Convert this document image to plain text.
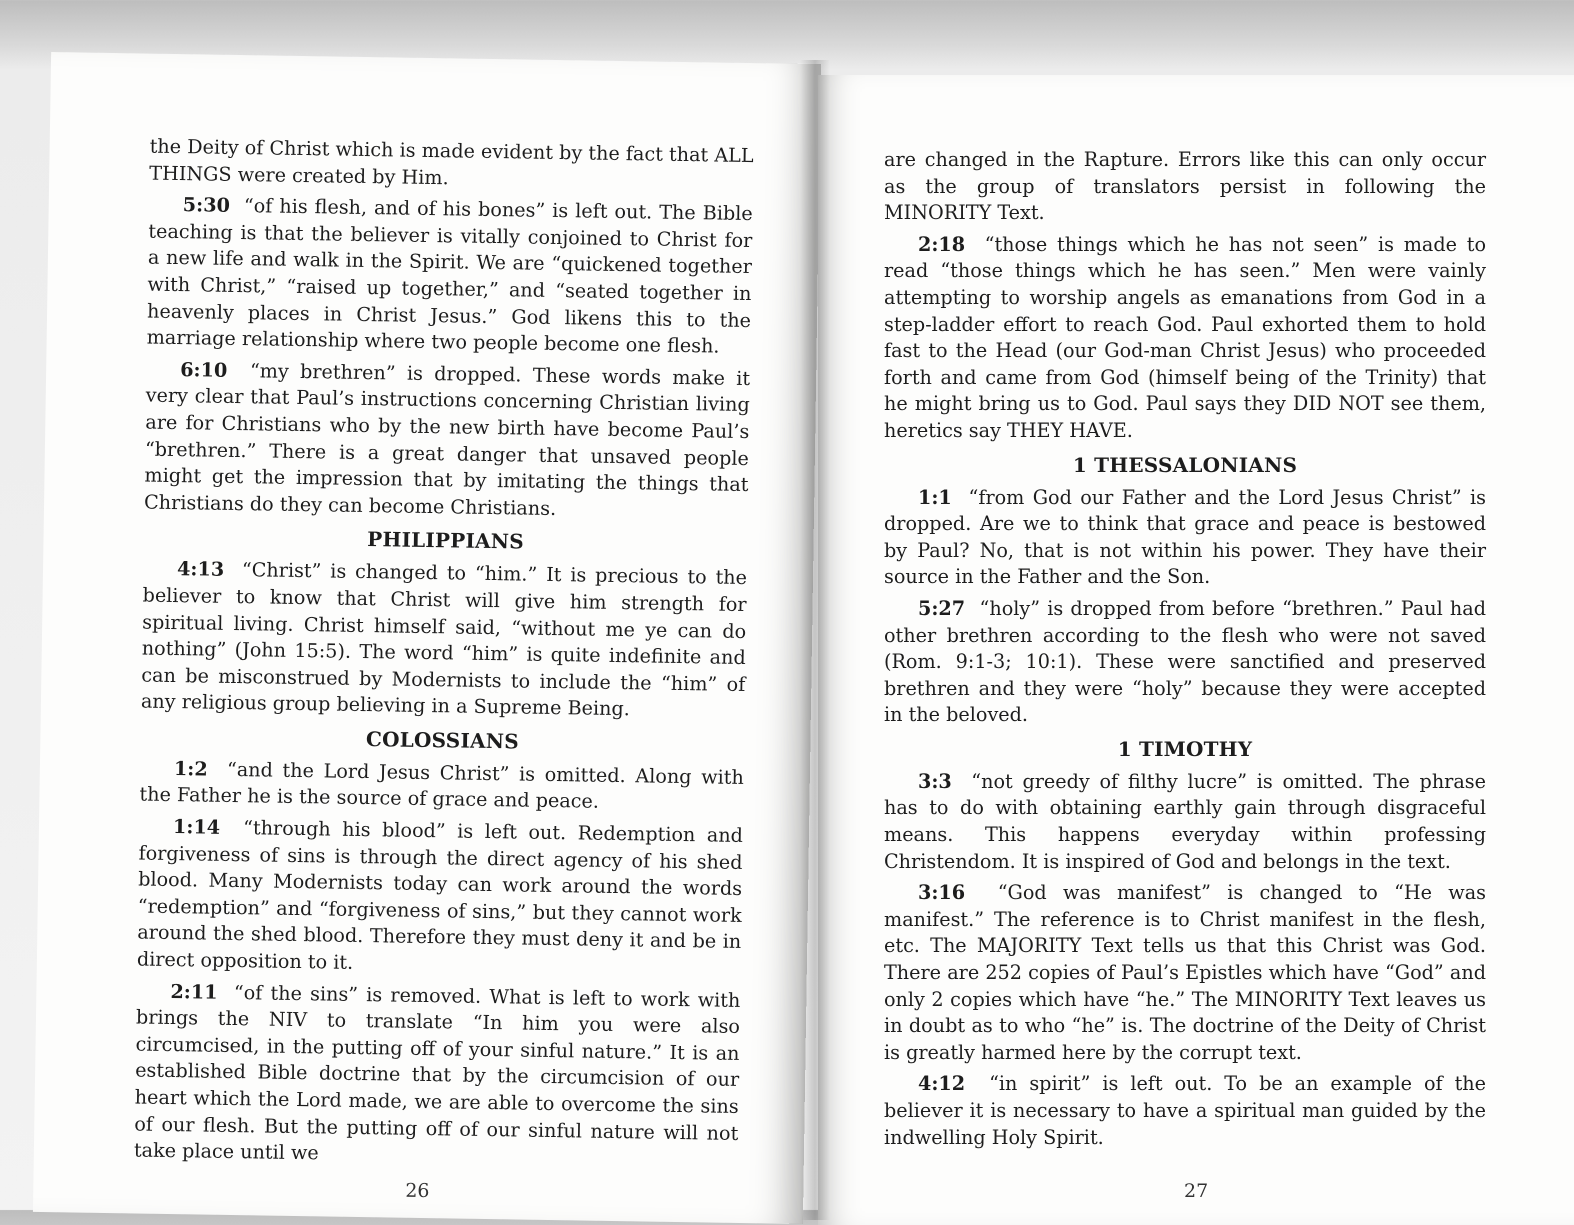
the Deity of Christ which is made evident by the fact that ALL THINGS were created by Him.

5:30 “of his flesh, and of his bones” is left out. The Bible teaching is that the believer is vitally conjoined to Christ for a new life and walk in the Spirit. We are “quickened together with Christ,” “raised up together,” and “seated together in heavenly places in Christ Jesus.” God likens this to the marriage relationship where two people become one flesh.

6:10 “my brethren” is dropped. These words make it very clear that Paul’s instructions concerning Christian living are for Christians who by the new birth have become Paul’s “brethren.” There is a great danger that unsaved people might get the impression that by imitating the things that Christians do they can become Christians.

PHILIPPIANS

4:13 “Christ” is changed to “him.” It is precious to the believer to know that Christ will give him strength for spiritual living. Christ himself said, “without me ye can do nothing” (John 15:5). The word “him” is quite indefinite and can be misconstrued by Modernists to include the “him” of any religious group believing in a Supreme Being.

COLOSSIANS

1:2 “and the Lord Jesus Christ” is omitted. Along with the Father he is the source of grace and peace.

1:14 “through his blood” is left out. Redemption and forgiveness of sins is through the direct agency of his shed blood. Many Modernists today can work around the words “redemption” and “forgiveness of sins,” but they cannot work around the shed blood. Therefore they must deny it and be in direct opposition to it.

2:11 “of the sins” is removed. What is left to work with brings the NIV to translate “In him you were also circumcised, in the putting off of your sinful nature.” It is an established Bible doctrine that by the circumcision of our heart which the Lord made, we are able to overcome the sins of our flesh. But the putting off of our sinful nature will not take place until we

26

are changed in the Rapture. Errors like this can only occur as the group of translators persist in following the MINORITY Text.

2:18 “those things which he has not seen” is made to read “those things which he has seen.” Men were vainly attempting to worship angels as emanations from God in a step-ladder effort to reach God. Paul exhorted them to hold fast to the Head (our God-man Christ Jesus) who proceeded forth and came from God (himself being of the Trinity) that he might bring us to God. Paul says they DID NOT see them, heretics say THEY HAVE.

1 THESSALONIANS

1:1 “from God our Father and the Lord Jesus Christ” is dropped. Are we to think that grace and peace is bestowed by Paul? No, that is not within his power. They have their source in the Father and the Son.

5:27 “holy” is dropped from before “brethren.” Paul had other brethren according to the flesh who were not saved (Rom. 9:1-3; 10:1). These were sanctified and preserved brethren and they were “holy” because they were accepted in the beloved.

1 TIMOTHY

3:3 “not greedy of filthy lucre” is omitted. The phrase has to do with obtaining earthly gain through disgraceful means. This happens everyday within professing Christendom. It is inspired of God and belongs in the text.

3:16 “God was manifest” is changed to “He was manifest.” The reference is to Christ manifest in the flesh, etc. The MAJORITY Text tells us that this Christ was God. There are 252 copies of Paul’s Epistles which have “God” and only 2 copies which have “he.” The MINORITY Text leaves us in doubt as to who “he” is. The doctrine of the Deity of Christ is greatly harmed here by the corrupt text.

4:12 “in spirit” is left out. To be an example of the believer it is necessary to have a spiritual man guided by the indwelling Holy Spirit.

27
